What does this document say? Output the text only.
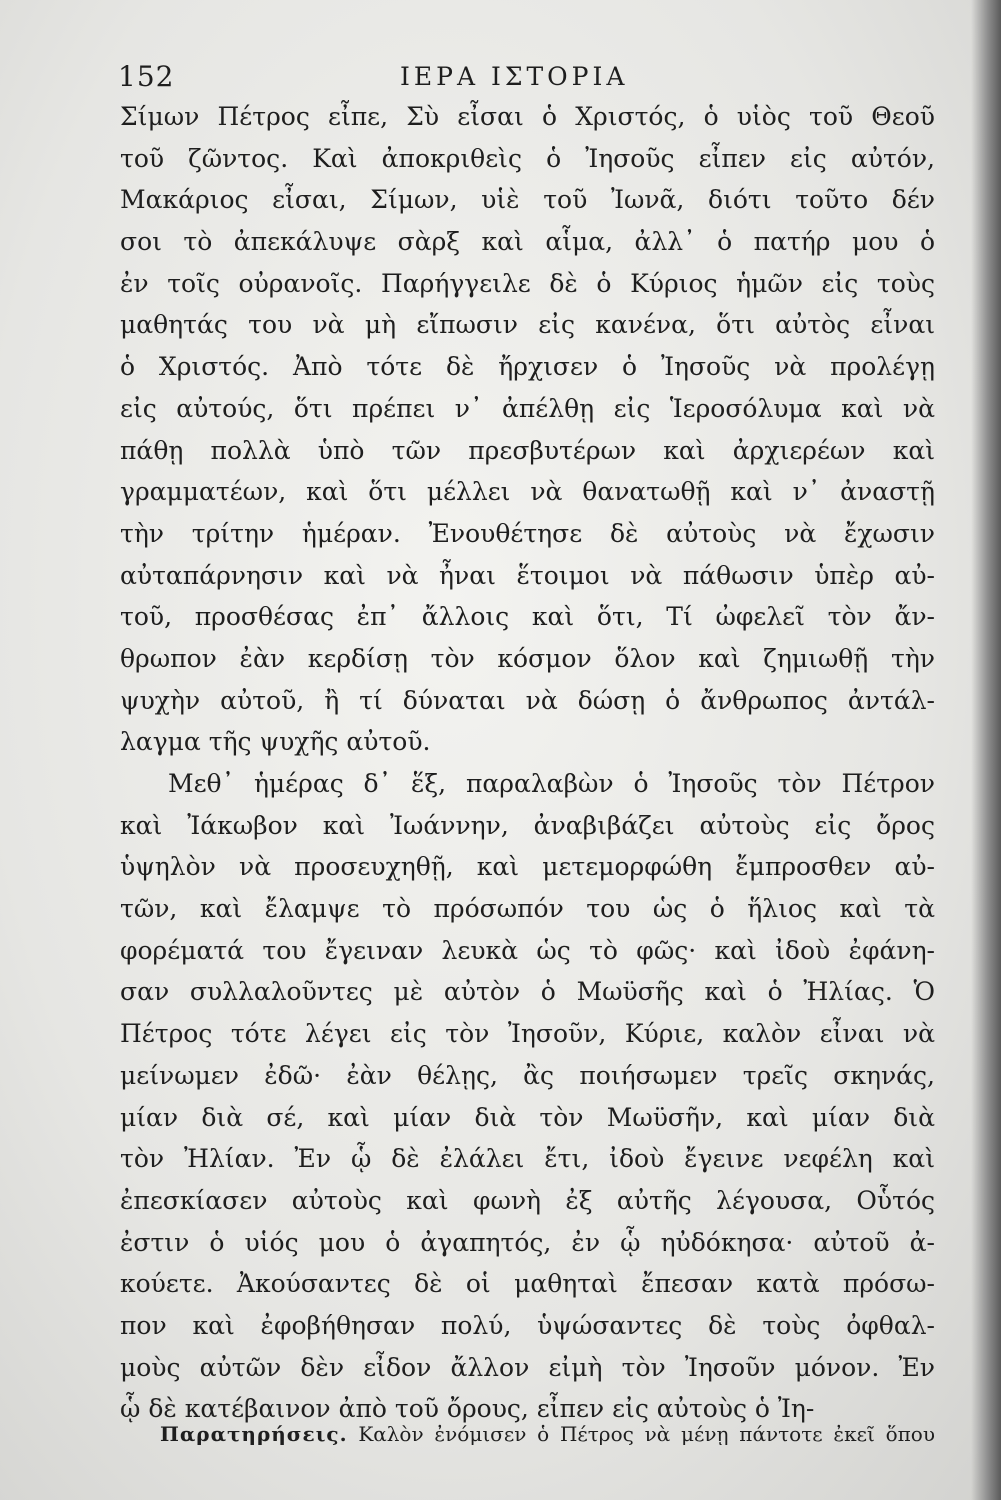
152	ΙΕΡΑ ΙΣΤΟΡΙΑ
Σίμων Πέτρος εἶπε, Σὺ εἶσαι ὁ Χριστός, ὁ υἱὸς τοῦ Θεοῦ
τοῦ ζῶντος. Καὶ ἀποκριθεὶς ὁ Ἰησοῦς εἶπεν εἰς αὐτόν,
Μακάριος εἶσαι, Σίμων, υἱὲ τοῦ Ἰωνᾶ, διότι τοῦτο δέν
σοι τὸ ἀπεκάλυψε σὰρξ καὶ αἷμα, ἀλλ᾽ ὁ πατήρ μου ὁ
ἐν τοῖς οὐρανοῖς. Παρήγγειλε δὲ ὁ Κύριος ἡμῶν εἰς τοὺς
μαθητάς του νὰ μὴ εἴπωσιν εἰς κανένα, ὅτι αὐτὸς εἶναι
ὁ Χριστός. Ἀπὸ τότε δὲ ἤρχισεν ὁ Ἰησοῦς νὰ προλέγῃ
εἰς αὐτούς, ὅτι πρέπει ν᾽ ἀπέλθῃ εἰς Ἱεροσόλυμα καὶ νὰ
πάθῃ πολλὰ ὑπὸ τῶν πρεσβυτέρων καὶ ἀρχιερέων καὶ
γραμματέων, καὶ ὅτι μέλλει νὰ θανατωθῇ καὶ ν᾽ ἀναστῇ
τὴν τρίτην ἡμέραν. Ἐνουθέτησε δὲ αὐτοὺς νὰ ἔχωσιν
αὐταπάρνησιν καὶ νὰ ἦναι ἕτοιμοι νὰ πάθωσιν ὑπὲρ αὐ-
τοῦ, προσθέσας ἐπ᾽ ἄλλοις καὶ ὅτι, Τί ὠφελεῖ τὸν ἄν-
θρωπον ἐὰν κερδίσῃ τὸν κόσμον ὅλον καὶ ζημιωθῇ τὴν
ψυχὴν αὐτοῦ, ἢ τί δύναται νὰ δώσῃ ὁ ἄνθρωπος ἀντάλ-
λαγμα τῆς ψυχῆς αὐτοῦ.
Μεθ᾽ ἡμέρας δ᾽ ἕξ, παραλαβὼν ὁ Ἰησοῦς τὸν Πέτρον
καὶ Ἰάκωβον καὶ Ἰωάννην, ἀναβιβάζει αὐτοὺς εἰς ὄρος
ὑψηλὸν νὰ προσευχηθῇ, καὶ μετεμορφώθη ἔμπροσθεν αὐ-
τῶν, καὶ ἔλαμψε τὸ πρόσωπόν του ὡς ὁ ἥλιος καὶ τὰ
φορέματά του ἔγειναν λευκὰ ὡς τὸ φῶς· καὶ ἰδοὺ ἐφάνη-
σαν συλλαλοῦντες μὲ αὐτὸν ὁ Μωϋσῆς καὶ ὁ Ἠλίας. Ὁ
Πέτρος τότε λέγει εἰς τὸν Ἰησοῦν, Κύριε, καλὸν εἶναι νὰ
μείνωμεν ἐδῶ· ἐὰν θέλῃς, ἂς ποιήσωμεν τρεῖς σκηνάς,
μίαν διὰ σέ, καὶ μίαν διὰ τὸν Μωϋσῆν, καὶ μίαν διὰ
τὸν Ἠλίαν. Ἐν ᾧ δὲ ἐλάλει ἔτι, ἰδοὺ ἔγεινε νεφέλη καὶ
ἐπεσκίασεν αὐτοὺς καὶ φωνὴ ἐξ αὐτῆς λέγουσα, Οὗτός
ἐστιν ὁ υἱός μου ὁ ἀγαπητός, ἐν ᾧ ηὐδόκησα· αὐτοῦ ἀ-
κούετε. Ἀκούσαντες δὲ οἱ μαθηταὶ ἔπεσαν κατὰ πρόσω-
πον καὶ ἐφοβήθησαν πολύ, ὑψώσαντες δὲ τοὺς ὀφθαλ-
μοὺς αὐτῶν δὲν εἶδον ἄλλον εἰμὴ τὸν Ἰησοῦν μόνον. Ἐν
ᾧ δὲ κατέβαινον ἀπὸ τοῦ ὄρους, εἶπεν εἰς αὐτοὺς ὁ Ἰη-
Παρατηρήσεις. Καλὸν ἐνόμισεν ὁ Πέτρος νὰ μένῃ πάντοτε ἐκεῖ ὅπου
